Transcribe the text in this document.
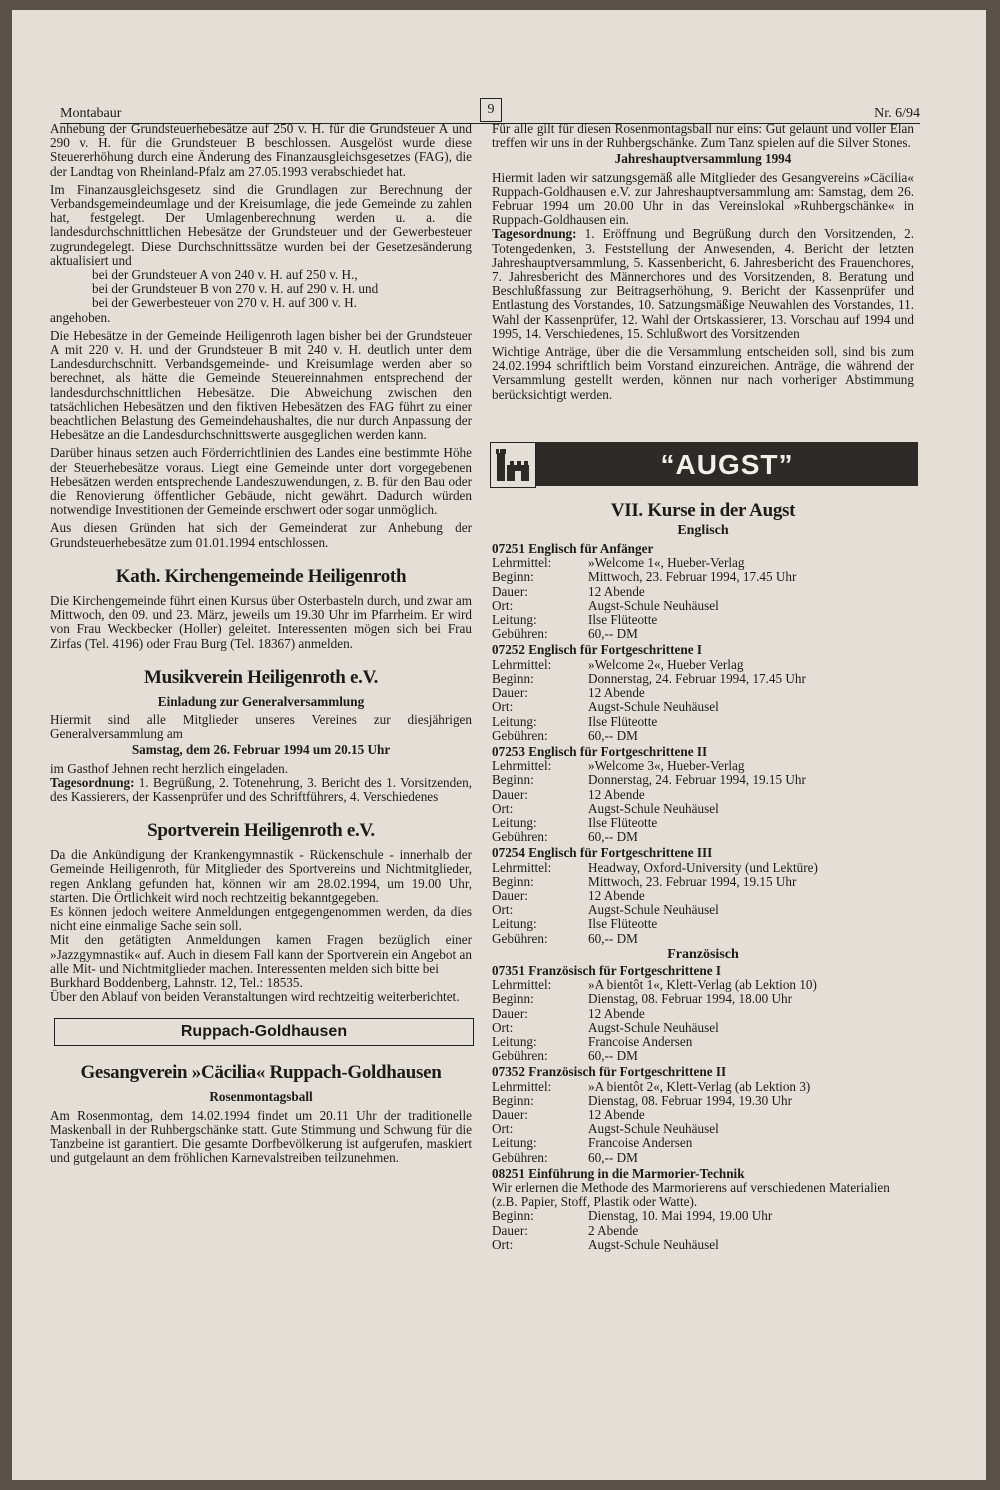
Montabaur	9	Nr. 6/94

Anhebung der Grundsteuerhebesätze auf 250 v. H. für die Grundsteuer A und 290 v. H. für die Grundsteuer B beschlossen. Ausgelöst wurde diese Steuererhöhung durch eine Änderung des Finanzausgleichsgesetzes (FAG), die der Landtag von Rheinland-Pfalz am 27.05.1993 verabschiedet hat.

Im Finanzausgleichsgesetz sind die Grundlagen zur Berechnung der Verbandsgemeindeumlage und der Kreisumlage, die jede Gemeinde zu zahlen hat, festgelegt. Der Umlagenberechnung werden u. a. die landesdurchschnittlichen Hebesätze der Grundsteuer und der Gewerbesteuer zugrundegelegt. Diese Durchschnittssätze wurden bei der Gesetzesänderung aktualisiert und

bei der Grundsteuer A von 240 v. H. auf 250 v. H.,
bei der Grundsteuer B von 270 v. H. auf 290 v. H. und
bei der Gewerbesteuer von 270 v. H. auf 300 v. H.

angehoben.

Die Hebesätze in der Gemeinde Heiligenroth lagen bisher bei der Grundsteuer A mit 220 v. H. und der Grundsteuer B mit 240 v. H. deutlich unter dem Landesdurchschnitt. Verbandsgemeinde- und Kreisumlage werden aber so berechnet, als hätte die Gemeinde Steuereinnahmen entsprechend der landesdurchschnittlichen Hebesätze. Die Abweichung zwischen den tatsächlichen Hebesätzen und den fiktiven Hebesätzen des FAG führt zu einer beachtlichen Belastung des Gemeindehaushaltes, die nur durch Anpassung der Hebesätze an die Landesdurchschnittswerte ausgeglichen werden kann.

Darüber hinaus setzen auch Förderrichtlinien des Landes eine bestimmte Höhe der Steuerhebesätze voraus. Liegt eine Gemeinde unter dort vorgegebenen Hebesätzen werden entsprechende Landeszuwendungen, z. B. für den Bau oder die Renovierung öffentlicher Gebäude, nicht gewährt. Dadurch würden notwendige Investitionen der Gemeinde erschwert oder sogar unmöglich.

Aus diesen Gründen hat sich der Gemeinderat zur Anhebung der Grundsteuerhebesätze zum 01.01.1994 entschlossen.

Kath. Kirchengemeinde Heiligenroth

Die Kirchengemeinde führt einen Kursus über Osterbasteln durch, und zwar am Mittwoch, den 09. und 23. März, jeweils um 19.30 Uhr im Pfarrheim. Er wird von Frau Weckbecker (Holler) geleitet. Interessenten mögen sich bei Frau Zirfas (Tel. 4196) oder Frau Burg (Tel. 18367) anmelden.

Musikverein Heiligenroth e.V.
Einladung zur Generalversammlung

Hiermit sind alle Mitglieder unseres Vereines zur diesjährigen Generalversammlung am

Samstag, dem 26. Februar 1994 um 20.15 Uhr

im Gasthof Jehnen recht herzlich eingeladen.

Tagesordnung: 1. Begrüßung, 2. Totenehrung, 3. Bericht des 1. Vorsitzenden, des Kassierers, der Kassenprüfer und des Schriftführers, 4. Verschiedenes

Sportverein Heiligenroth e.V.

Da die Ankündigung der Krankengymnastik - Rückenschule - innerhalb der Gemeinde Heiligenroth, für Mitglieder des Sportvereins und Nichtmitglieder, regen Anklang gefunden hat, können wir am 28.02.1994, um 19.00 Uhr, starten. Die Örtlichkeit wird noch rechtzeitig bekanntgegeben.

Es können jedoch weitere Anmeldungen entgegengenommen werden, da dies nicht eine einmalige Sache sein soll.

Mit den getätigten Anmeldungen kamen Fragen bezüglich einer »Jazzgymnastik« auf. Auch in diesem Fall kann der Sportverein ein Angebot an alle Mit- und Nichtmitglieder machen. Interessenten melden sich bitte bei

Burkhard Boddenberg, Lahnstr. 12, Tel.: 18535.

Über den Ablauf von beiden Veranstaltungen wird rechtzeitig weiterberichtet.

Ruppach-Goldhausen
Gesangverein »Cäcilia« Ruppach-Goldhausen
Rosenmontagsball

Am Rosenmontag, dem 14.02.1994 findet um 20.11 Uhr der traditionelle Maskenball in der Ruhbergschänke statt. Gute Stimmung und Schwung für die Tanzbeine ist garantiert. Die gesamte Dorfbevölkerung ist aufgerufen, maskiert und gutgelaunt an dem fröhlichen Karnevalstreiben teilzunehmen.

Für alle gilt für diesen Rosenmontagsball nur eins: Gut gelaunt und voller Elan treffen wir uns in der Ruhbergschänke. Zum Tanz spielen auf die Silver Stones.

Jahreshauptversammlung 1994

Hiermit laden wir satzungsgemäß alle Mitglieder des Gesangvereins »Cäcilia« Ruppach-Goldhausen e.V. zur Jahreshauptversammlung am: Samstag, dem 26. Februar 1994 um 20.00 Uhr in das Vereinslokal »Ruhbergschänke« in Ruppach-Goldhausen ein.

Tagesordnung: 1. Eröffnung und Begrüßung durch den Vorsitzenden, 2. Totengedenken, 3. Feststellung der Anwesenden, 4. Bericht der letzten Jahreshauptversammlung, 5. Kassenbericht, 6. Jahresbericht des Frauenchores, 7. Jahresbericht des Männerchores und des Vorsitzenden, 8. Beratung und Beschlußfassung zur Beitragserhöhung, 9. Bericht der Kassenprüfer und Entlastung des Vorstandes, 10. Satzungsmäßige Neuwahlen des Vorstandes, 11. Wahl der Kassenprüfer, 12. Wahl der Ortskassierer, 13. Vorschau auf 1994 und 1995, 14. Verschiedenes, 15. Schlußwort des Vorsitzenden

Wichtige Anträge, über die die Versammlung entscheiden soll, sind bis zum 24.02.1994 schriftlich beim Vorstand einzureichen. Anträge, die während der Versammlung gestellt werden, können nur nach vorheriger Abstimmung berücksichtigt werden.

“AUGST”
VII. Kurse in der Augst
Englisch
07251 Englisch für Anfänger
Lehrmittel:	»Welcome 1«, Hueber-Verlag
Beginn:	Mittwoch, 23. Februar 1994, 17.45 Uhr
Dauer:	12 Abende
Ort:	Augst-Schule Neuhäusel
Leitung:	Ilse Flüteotte
Gebühren:	60,-- DM
07252 Englisch für Fortgeschrittene I
Lehrmittel:	»Welcome 2«, Hueber Verlag
Beginn:	Donnerstag, 24. Februar 1994, 17.45 Uhr
Dauer:	12 Abende
Ort:	Augst-Schule Neuhäusel
Leitung:	Ilse Flüteotte
Gebühren:	60,-- DM
07253 Englisch für Fortgeschrittene II
Lehrmittel:	»Welcome 3«, Hueber-Verlag
Beginn:	Donnerstag, 24. Februar 1994, 19.15 Uhr
Dauer:	12 Abende
Ort:	Augst-Schule Neuhäusel
Leitung:	Ilse Flüteotte
Gebühren:	60,-- DM
07254 Englisch für Fortgeschrittene III
Lehrmittel:	Headway, Oxford-University (und Lektüre)
Beginn:	Mittwoch, 23. Februar 1994, 19.15 Uhr
Dauer:	12 Abende
Ort:	Augst-Schule Neuhäusel
Leitung:	Ilse Flüteotte
Gebühren:	60,-- DM
Französisch
07351 Französisch für Fortgeschrittene I
Lehrmittel:	»A bientôt 1«, Klett-Verlag (ab Lektion 10)
Beginn:	Dienstag, 08. Februar 1994, 18.00 Uhr
Dauer:	12 Abende
Ort:	Augst-Schule Neuhäusel
Leitung:	Francoise Andersen
Gebühren:	60,-- DM
07352 Französisch für Fortgeschrittene II
Lehrmittel:	»A bientôt 2«, Klett-Verlag (ab Lektion 3)
Beginn:	Dienstag, 08. Februar 1994, 19.30 Uhr
Dauer:	12 Abende
Ort:	Augst-Schule Neuhäusel
Leitung:	Francoise Andersen
Gebühren:	60,-- DM
08251 Einführung in die Marmorier-Technik

Wir erlernen die Methode des Marmorierens auf verschiedenen Materialien (z.B. Papier, Stoff, Plastik oder Watte).

Beginn:	Dienstag, 10. Mai 1994, 19.00 Uhr
Dauer:	2 Abende
Ort:	Augst-Schule Neuhäusel
